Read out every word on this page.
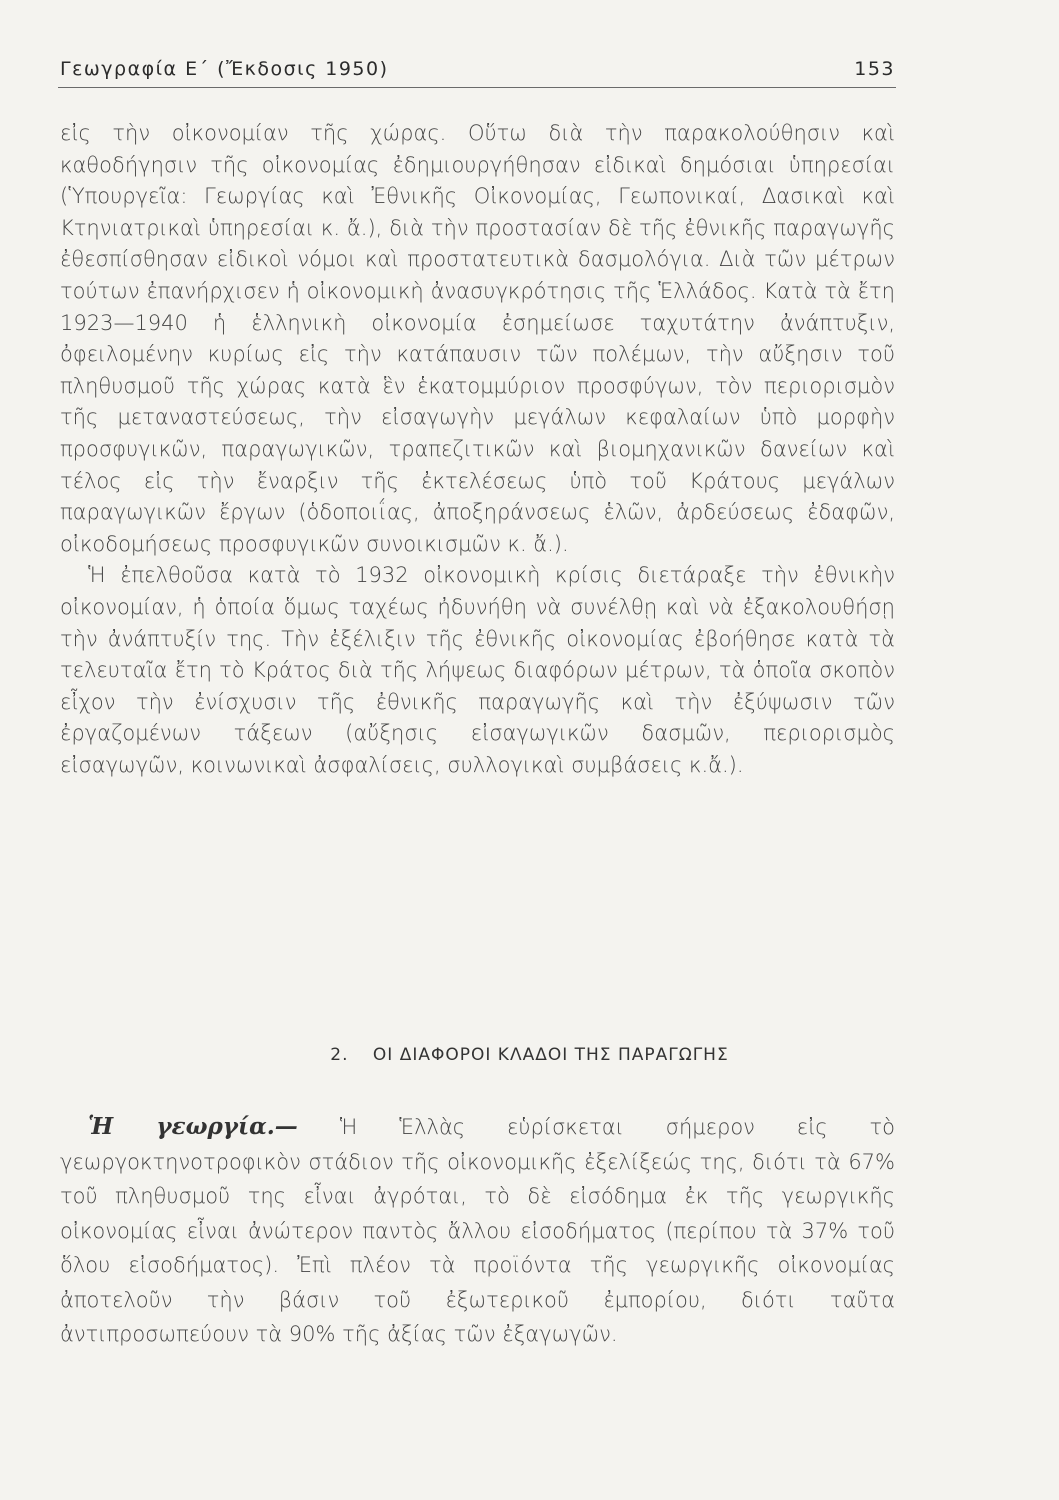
Γεωγραφία Ε΄ (Ἔκδοσις 1950)	153

εἰς τὴν οἰκονομίαν τῆς χώρας. Οὕτω διὰ τὴν παρακολούθησιν καὶ καθοδήγησιν τῆς οἰκονομίας ἐδημιουργήθησαν εἰδικαὶ δημόσιαι ὑπηρεσίαι (Ὑπουργεῖα: Γεωργίας καὶ Ἐθνικῆς Οἰκονομίας, Γεωπονικαί, Δασικαὶ καὶ Κτηνιατρικαὶ ὑπηρεσίαι κ. ἄ.), διὰ τὴν προστασίαν δὲ τῆς ἐθνικῆς παραγωγῆς ἐθεσπίσθησαν εἰδικοὶ νόμοι καὶ προστατευτικὰ δασμολόγια. Διὰ τῶν μέτρων τούτων ἐπανήρχισεν ἡ οἰκονομικὴ ἀνασυγκρότησις τῆς Ἑλλάδος. Κατὰ τὰ ἔτη 1923—1940 ἡ ἑλληνικὴ οἰκονομία ἐσημείωσε ταχυτάτην ἀνάπτυξιν, ὀφειλομένην κυρίως εἰς τὴν κατάπαυσιν τῶν πολέμων, τὴν αὔξησιν τοῦ πληθυσμοῦ τῆς χώρας κατὰ ἓν ἑκατομμύριον προσφύγων, τὸν περιορισμὸν τῆς μεταναστεύσεως, τὴν εἰσαγωγὴν μεγάλων κεφαλαίων ὑπὸ μορφὴν προσφυγικῶν, παραγωγικῶν, τραπεζιτικῶν καὶ βιομηχανικῶν δανείων καὶ τέλος εἰς τὴν ἔναρξιν τῆς ἐκτελέσεως ὑπὸ τοῦ Κράτους μεγάλων παραγωγικῶν ἔργων (ὁδοποιΐας, ἀποξηράνσεως ἑλῶν, ἀρδεύσεως ἐδαφῶν, οἰκοδομήσεως προσφυγικῶν συνοικισμῶν κ. ἄ.).

Ἡ ἐπελθοῦσα κατὰ τὸ 1932 οἰκονομικὴ κρίσις διετάραξε τὴν ἐθνικὴν οἰκονομίαν, ἡ ὁποία ὅμως ταχέως ἠδυνήθη νὰ συνέλθῃ καὶ νὰ ἐξακολουθήσῃ τὴν ἀνάπτυξίν της. Τὴν ἐξέλιξιν τῆς ἐθνικῆς οἰκονομίας ἐβοήθησε κατὰ τὰ τελευταῖα ἔτη τὸ Κράτος διὰ τῆς λήψεως διαφόρων μέτρων, τὰ ὁποῖα σκοπὸν εἶχον τὴν ἐνίσχυσιν τῆς ἐθνικῆς παραγωγῆς καὶ τὴν ἐξύψωσιν τῶν ἐργαζομένων τάξεων (αὔξησις εἰσαγωγικῶν δασμῶν, περιορισμὸς εἰσαγωγῶν, κοινωνικαὶ ἀσφαλίσεις, συλλογικαὶ συμβάσεις κ.ἄ.).

2. ΟΙ ΔΙΑΦΟΡΟΙ ΚΛΑΔΟΙ ΤΗΣ ΠΑΡΑΓΩΓΗΣ

Ἡ γεωργία.— Ἡ Ἑλλὰς εὑρίσκεται σήμερον εἰς τὸ γεωργοκτηνοτροφικὸν στάδιον τῆς οἰκονομικῆς ἐξελίξεώς της, διότι τὰ 67% τοῦ πληθυσμοῦ της εἶναι ἀγρόται, τὸ δὲ εἰσόδημα ἐκ τῆς γεωργικῆς οἰκονομίας εἶναι ἀνώτερον παντὸς ἄλλου εἰσοδήματος (περίπου τὰ 37% τοῦ ὅλου εἰσοδήματος). Ἐπὶ πλέον τὰ προϊόντα τῆς γεωργικῆς οἰκονομίας ἀποτελοῦν τὴν βάσιν τοῦ ἐξωτερικοῦ ἐμπορίου, διότι ταῦτα ἀντιπροσωπεύουν τὰ 90% τῆς ἀξίας τῶν ἐξαγωγῶν.
